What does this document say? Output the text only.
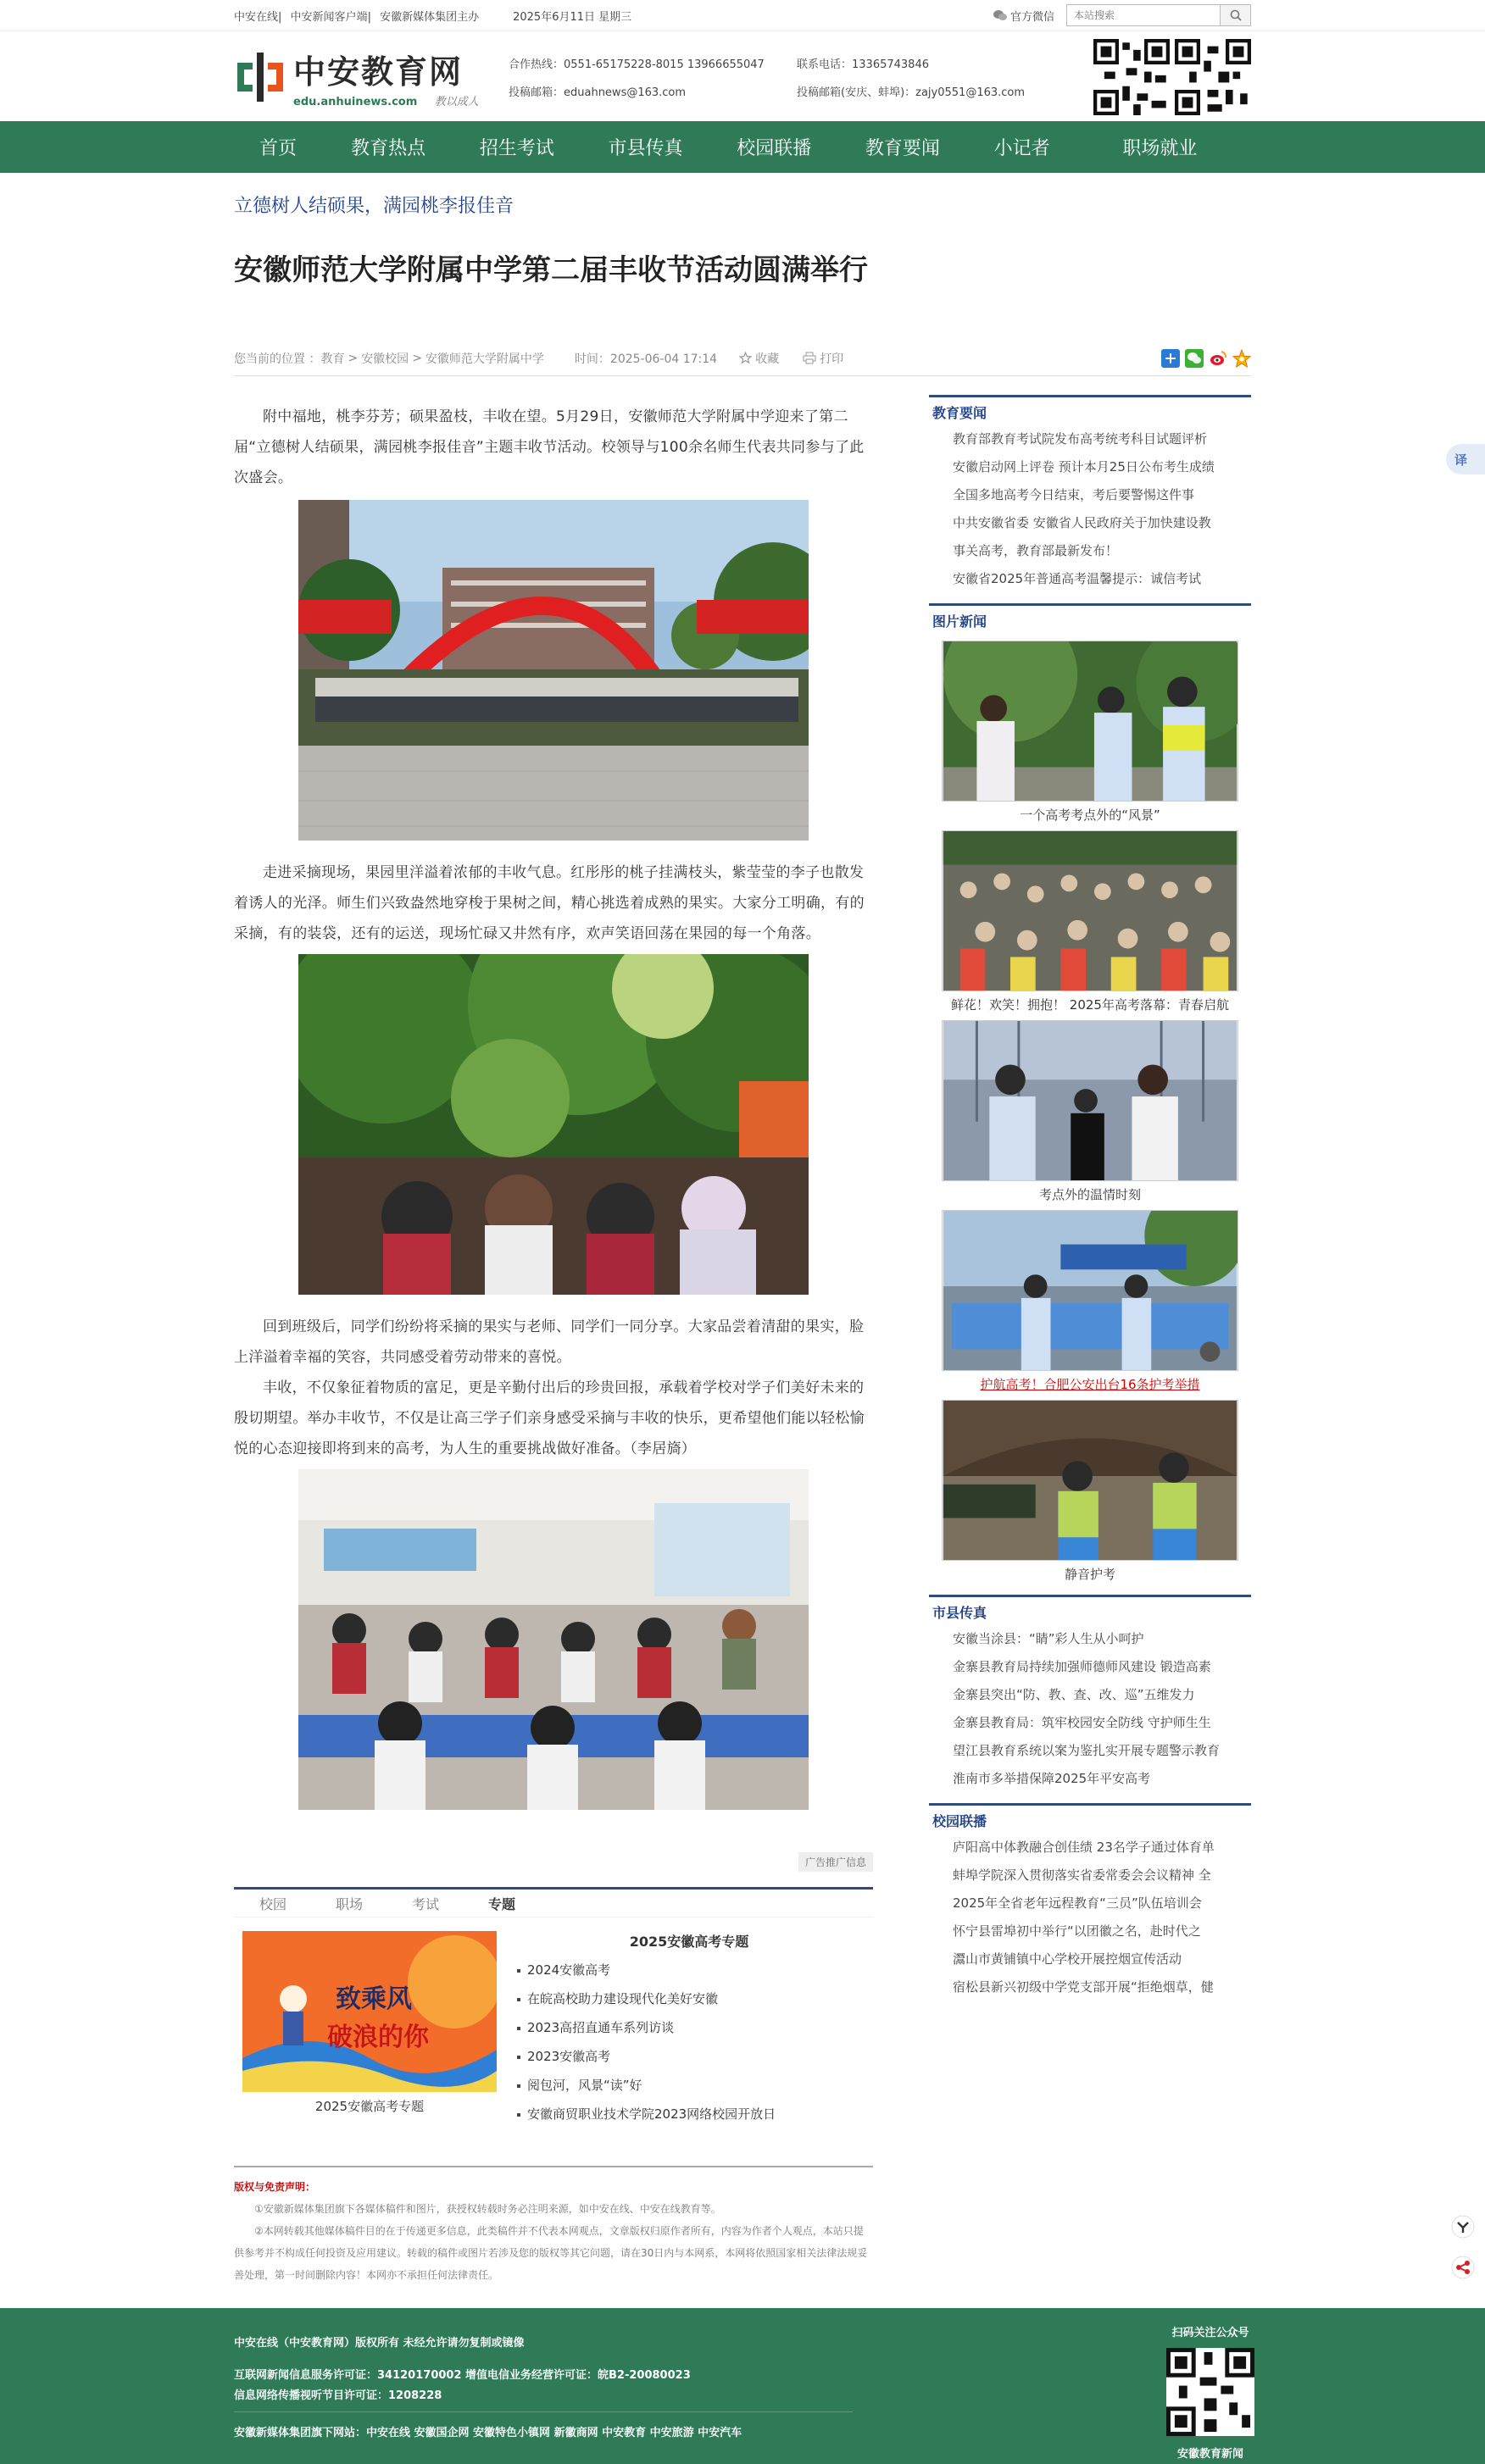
中安在线| 中安新闻客户端| 安徽新媒体集团主办	2025年6月11日 星期三	官方微信
本站搜索
中安教育网
edu.anhuinews.com 教以成人
合作热线：0551-65175228-8015 13966655047	联系电话：13365743846
投稿邮箱：eduahnews@163.com	投稿邮箱(安庆、蚌埠)：zajy0551@163.com
首页	教育热点	招生考试	市县传真	校园联播	教育要闻	小记者	职场就业
立德树人结硕果，满园桃李报佳音
安徽师范大学附属中学第二届丰收节活动圆满举行
您当前的位置 ： 教育 > 安徽校园 > 安徽师范大学附属中学	时间：2025-06-04 17:14	收藏	打印

附中福地，桃李芬芳；硕果盈枝，丰收在望。5月29日，安徽师范大学附属中学迎来了第二届“立德树人结硕果，满园桃李报佳音”主题丰收节活动。校领导与100余名师生代表共同参与了此次盛会。

走进采摘现场，果园里洋溢着浓郁的丰收气息。红彤彤的桃子挂满枝头，紫莹莹的李子也散发着诱人的光泽。师生们兴致盎然地穿梭于果树之间，精心挑选着成熟的果实。大家分工明确，有的采摘，有的装袋，还有的运送，现场忙碌又井然有序，欢声笑语回荡在果园的每一个角落。

回到班级后，同学们纷纷将采摘的果实与老师、同学们一同分享。大家品尝着清甜的果实，脸上洋溢着幸福的笑容，共同感受着劳动带来的喜悦。

丰收，不仅象征着物质的富足，更是辛勤付出后的珍贵回报，承载着学校对学子们美好未来的殷切期望。举办丰收节，不仅是让高三学子们亲身感受采摘与丰收的快乐，更希望他们能以轻松愉悦的心态迎接即将到来的高考，为人生的重要挑战做好准备。（李居旖）

广告推广信息
校园	职场	考试	专题
致乘风
破浪的你
2025安徽高考专题
2025安徽高考专题
2024安徽高考
在皖高校助力建设现代化美好安徽
2023高招直通车系列访谈
2023安徽高考
阅包河，风景“读”好
安徽商贸职业技术学院2023网络校园开放日
版权与免责声明：
①安徽新媒体集团旗下各媒体稿件和图片，获授权转载时务必注明来源，如中安在线、中安在线教育等。
②本网转载其他媒体稿件目的在于传递更多信息，此类稿件并不代表本网观点，文章版权归原作者所有，内容为作者个人观点，本站只提供参考并不构成任何投资及应用建议。转载的稿件或图片若涉及您的版权等其它问题，请在30日内与本网系，本网将依照国家相关法律法规妥善处理，第一时间删除内容！本网亦不承担任何法律责任。
教育要闻
教育部教育考试院发布高考统考科目试题评析
安徽启动网上评卷 预计本月25日公布考生成绩
全国多地高考今日结束，考后要警惕这件事
中共安徽省委 安徽省人民政府关于加快建设教
事关高考，教育部最新发布！
安徽省2025年普通高考温馨提示：诚信考试
图片新闻
一个高考考点外的“风景”
鲜花！欢笑！拥抱！ 2025年高考落幕：青春启航
考点外的温情时刻
护航高考！合肥公安出台16条护考举措
静音护考
市县传真
安徽当涂县：“睛”彩人生从小呵护
金寨县教育局持续加强师德师风建设 锻造高素
金寨县突出“防、教、查、改、巡”五维发力
金寨县教育局：筑牢校园安全防线 守护师生生
望江县教育系统以案为鉴扎实开展专题警示教育
淮南市多举措保障2025年平安高考
校园联播
庐阳高中体教融合创佳绩 23名学子通过体育单
蚌埠学院深入贯彻落实省委常委会会议精神 全
2025年全省老年远程教育“三员”队伍培训会
怀宁县雷埠初中举行“以团徽之名，赴时代之
灊山市黄铺镇中心学校开展控烟宣传活动
宿松县新兴初级中学党支部开展“拒绝烟草，健
译
中安在线（中安教育网）版权所有 未经允许请勿复制或镜像
互联网新闻信息服务许可证：34120170002 增值电信业务经营许可证：皖B2-20080023
信息网络传播视听节目许可证：1208228
安徽新媒体集团旗下网站：中安在线 安徽国企网 安徽特色小镇网 新徽商网 中安教育 中安旅游 中安汽车
扫码关注公众号
安徽教育新闻
